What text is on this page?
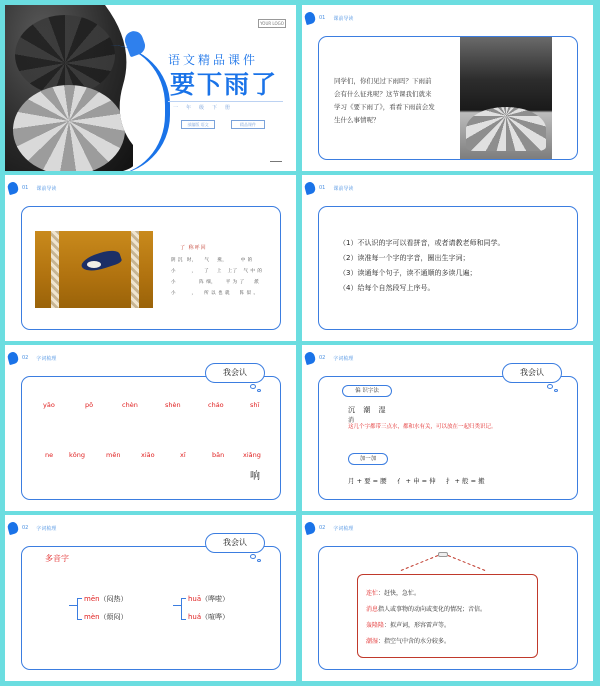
YOUR LOGO
语文精品课件
要下雨了
一年级下册
部编版 语文	精品课件
01 课前导读
同学们，你们见过下雨吗？下雨前会有什么征兆呢？这节课我们就来学习《要下雨了》，看看下雨前会发生什么事情呢？
01 课前导读
了 称呼回
阴 沉  时，    气    燕，       中 的
小        ，    了    上   上了   气 中 的
小            阵 细，     平 为 了     派
小        ，    所 以 也 就     阵 似 。
01 课前导读
（1）不认识的字可以看拼音，或者请教老师和同学。
（2）读准每一个字的字音，圈出生字词；
（3）读通每个句子，读不通顺的多读几遍；
（4）给每个自然段写上序号。
02 字词梳理
我会认
yāo	pō	chèn	shèn	cháo	shī
ne kōng	mēn	xiāo	xī	bān	xiǎng
响
02 字词梳理
我会认
偏 识字法
沉 潮 湿
消
这几个字都带三点水，都和水有关，可以放在一起归类识记。
加一加
月 + 要 = 腰     亻 + 申 = 伸     扌 + 般 = 搬
02 字词梳理
我会认
多音字
mēn（闷热）
mèn（烦闷）
huā（哗啦）
huá（喧哗）
02 字词梳理
连忙：赶快，急忙。
消息指人或事物的动向或变化的情况；音信。
轰隆隆：拟声词，形容雷声等。
潮湿：指空气中含的水分较多。
